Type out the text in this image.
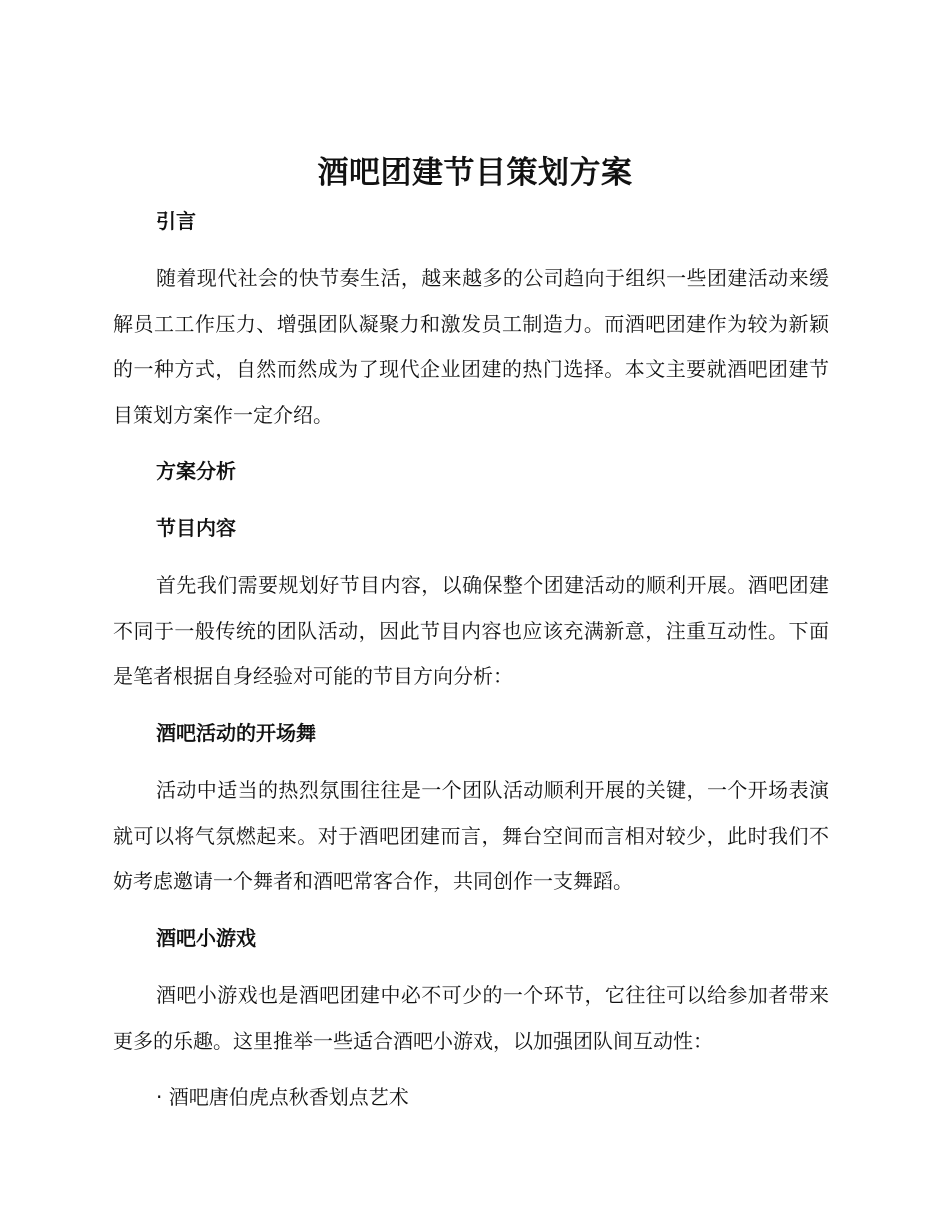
酒吧团建节目策划方案
引言
随着现代社会的快节奏生活，越来越多的公司趋向于组织一些团建活动来缓解员工工作压力、增强团队凝聚力和激发员工制造力。而酒吧团建作为较为新颖的一种方式，自然而然成为了现代企业团建的热门选择。本文主要就酒吧团建节目策划方案作一定介绍。
方案分析
节目内容
首先我们需要规划好节目内容，以确保整个团建活动的顺利开展。酒吧团建不同于一般传统的团队活动，因此节目内容也应该充满新意，注重互动性。下面是笔者根据自身经验对可能的节目方向分析：
酒吧活动的开场舞
活动中适当的热烈氛围往往是一个团队活动顺利开展的关键，一个开场表演就可以将气氛燃起来。对于酒吧团建而言，舞台空间而言相对较少，此时我们不妨考虑邀请一个舞者和酒吧常客合作，共同创作一支舞蹈。
酒吧小游戏
酒吧小游戏也是酒吧团建中必不可少的一个环节，它往往可以给参加者带来更多的乐趣。这里推举一些适合酒吧小游戏，以加强团队间互动性：
· 酒吧唐伯虎点秋香划点艺术
